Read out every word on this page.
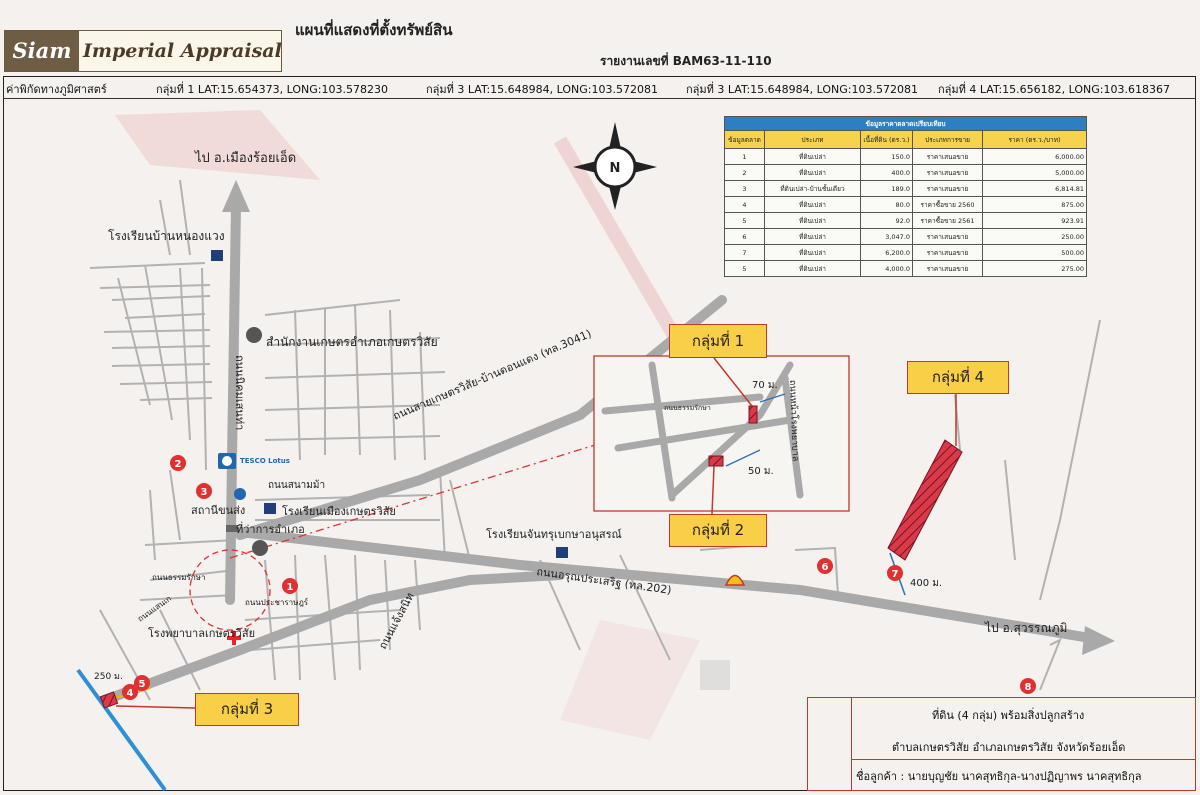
Siam Imperial Appraisal
แผนที่แสดงที่ตั้งทรัพย์สิน
รายงานเลขที่ BAM63-11-110
ค่าพิกัดทางภูมิศาสตร์	กลุ่มที่ 1 LAT:15.654373, LONG:103.578230	กลุ่มที่ 3 LAT:15.648984, LONG:103.572081	กลุ่มที่ 3 LAT:15.648984, LONG:103.572081 กลุ่มที่ 4 LAT:15.656182, LONG:103.618367
N
1
2
3
4
5
6
7
8
ไป อ.เมืองร้อยเอ็ด
ไป อ.สุวรรณภูมิ
โรงเรียนบ้านหนองแวง
สำนักงานเกษตรอำเภอเกษตรวิสัย
TESCO Lotus
สถานีขนส่ง	โรงเรียนเมืองเกษตรวิสัย
ที่ว่าการอำเภอ	โรงเรียนจันทรุเบกษาอนุสรณ์
โรงพยาบาลเกษตรวิสัย
ถนนสายเกษตรวิสัย-บ้านดอนแดง (ทล.3041)
ถนนอรุณประเสริฐ (ทล.202)
ถนนนิคมเสนท่า
ถนนสนามม้า
ถนนธรรมรักษา
ถนนแจ้งสนิท
ถนนประชาราษฎร์
ถนนแสนเก
400 ม.
250 ม.
ถนนธรรมรักษา	ถนนหน้าโรงพยาบาล
70 ม.
50 ม.
กลุ่มที่ 1
กลุ่มที่ 2
กลุ่มที่ 3
กลุ่มที่ 4
ข้อมูลราคาตลาดเปรียบเทียบ				
ข้อมูลตลาด	ประเภท	เนื้อที่ดิน (ตร.ว.)	ประเภทการขาย	ราคา (ตร.ว./บาท)
1	ที่ดินเปล่า	150.0	ราคาเสนอขาย	6,000.00
2	ที่ดินเปล่า	400.0	ราคาเสนอขาย	5,000.00
3	ที่ดินเปล่า-บ้านชั้นเดียว	189.0	ราคาเสนอขาย	6,814.81
4	ที่ดินเปล่า	80.0	ราคาซื้อขาย 2560	875.00
5	ที่ดินเปล่า	92.0	ราคาซื้อขาย 2561	923.91
6	ที่ดินเปล่า	3,047.0	ราคาเสนอขาย	250.00
7	ที่ดินเปล่า	6,200.0	ราคาเสนอขาย	500.00
5	ที่ดินเปล่า	4,000.0	ราคาเสนอขาย	275.00
ที่ดิน (4 กลุ่ม) พร้อมสิ่งปลูกสร้าง
ตำบลเกษตรวิสัย อำเภอเกษตรวิสัย จังหวัดร้อยเอ็ด
ชื่อลูกค้า : นายบุญชัย นาคสุทธิกุล-นางปฏิญาพร นาคสุทธิกุล
